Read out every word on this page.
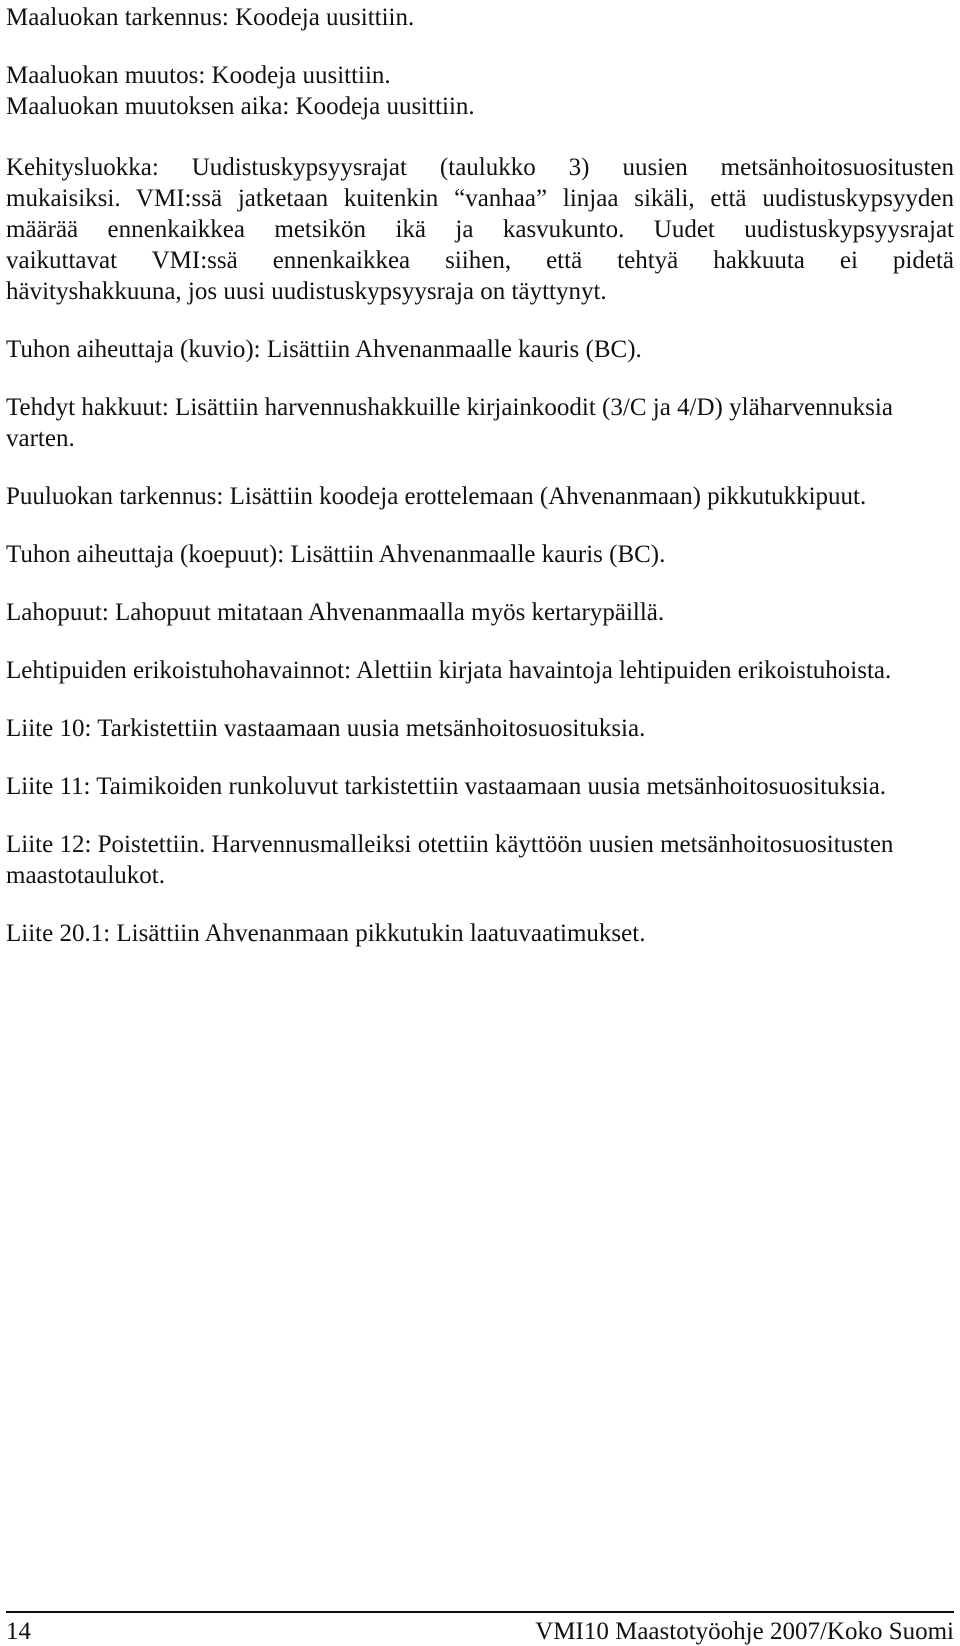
Maaluokan tarkennus: Koodeja uusittiin.
Maaluokan muutos: Koodeja uusittiin.
Maaluokan muutoksen aika: Koodeja uusittiin.
Kehitysluokka: Uudistuskypsyysrajat (taulukko 3) uusien metsänhoitosuositusten
mukaisiksi. VMI:ssä jatketaan kuitenkin “vanhaa” linjaa sikäli, että uudistuskypsyyden
määrää ennenkaikkea metsikön ikä ja kasvukunto. Uudet uudistuskypsyysrajat
vaikuttavat VMI:ssä ennenkaikkea siihen, että tehtyä hakkuuta ei pidetä
hävityshakkuuna, jos uusi uudistuskypsyysraja on täyttynyt.
Tuhon aiheuttaja (kuvio): Lisättiin Ahvenanmaalle kauris (BC).
Tehdyt hakkuut: Lisättiin harvennushakkuille kirjainkoodit (3/C ja 4/D) yläharvennuksia
varten.
Puuluokan tarkennus: Lisättiin koodeja erottelemaan (Ahvenanmaan) pikkutukkipuut.
Tuhon aiheuttaja (koepuut): Lisättiin Ahvenanmaalle kauris (BC).
Lahopuut: Lahopuut mitataan Ahvenanmaalla myös kertarypäillä.
Lehtipuiden erikoistuhohavainnot: Alettiin kirjata havaintoja lehtipuiden erikoistuhoista.
Liite 10: Tarkistettiin vastaamaan uusia metsänhoitosuosituksia.
Liite 11: Taimikoiden runkoluvut tarkistettiin vastaamaan uusia metsänhoitosuosituksia.
Liite 12: Poistettiin. Harvennusmalleiksi otettiin käyttöön uusien metsänhoitosuositusten
maastotaulukot.
Liite 20.1: Lisättiin Ahvenanmaan pikkutukin laatuvaatimukset.
14	VMI10 Maastotyöohje 2007/Koko Suomi
